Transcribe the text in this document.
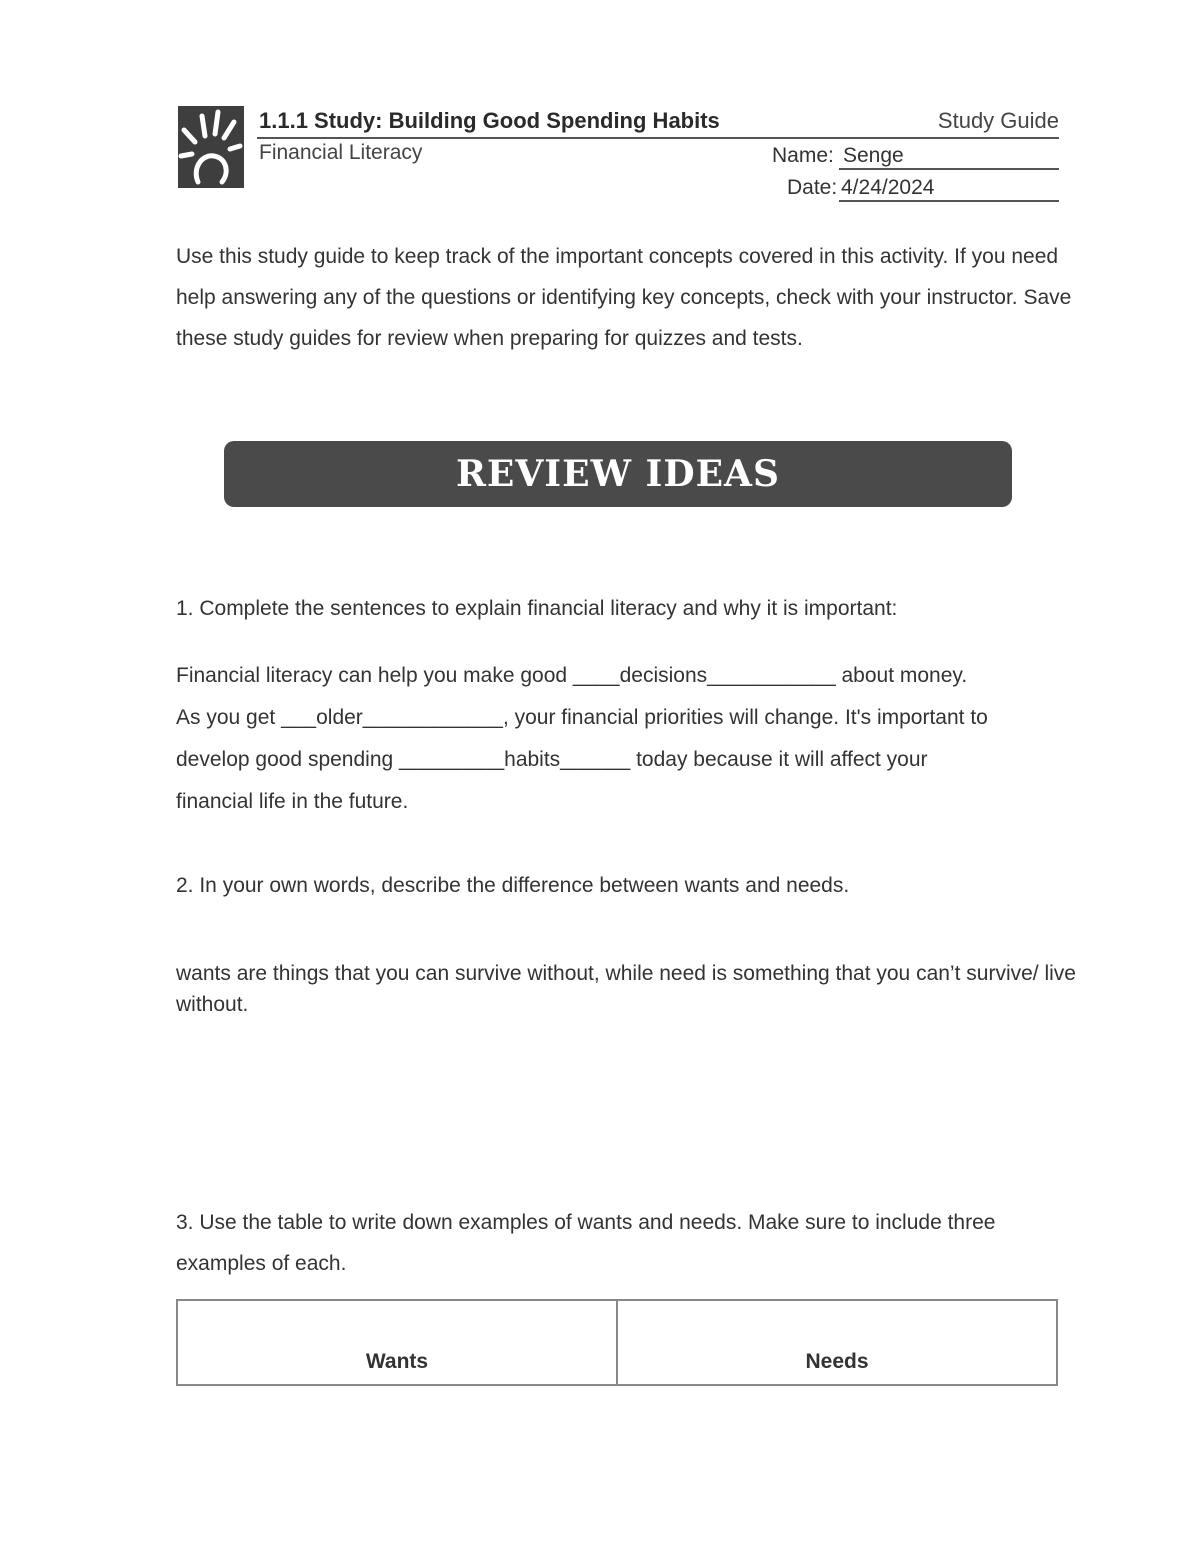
1.1.1 Study: Building Good Spending Habits	Study Guide
Financial Literacy	Name: Senge
Date: 4/24/2024
Use this study guide to keep track of the important concepts covered in this activity. If you need help answering any of the questions or identifying key concepts, check with your instructor. Save these study guides for review when preparing for quizzes and tests.
REVIEW IDEAS
1. Complete the sentences to explain financial literacy and why it is important:
Financial literacy can help you make good ____decisions___________ about money.
As you get ___older____________, your financial priorities will change. It's important to
develop good spending _________habits______ today because it will affect your
financial life in the future.
2. In your own words, describe the difference between wants and needs.
wants are things that you can survive without, while need is something that you can’t survive/ live without.
3. Use the table to write down examples of wants and needs. Make sure to include three examples of each.
Wants	Needs
